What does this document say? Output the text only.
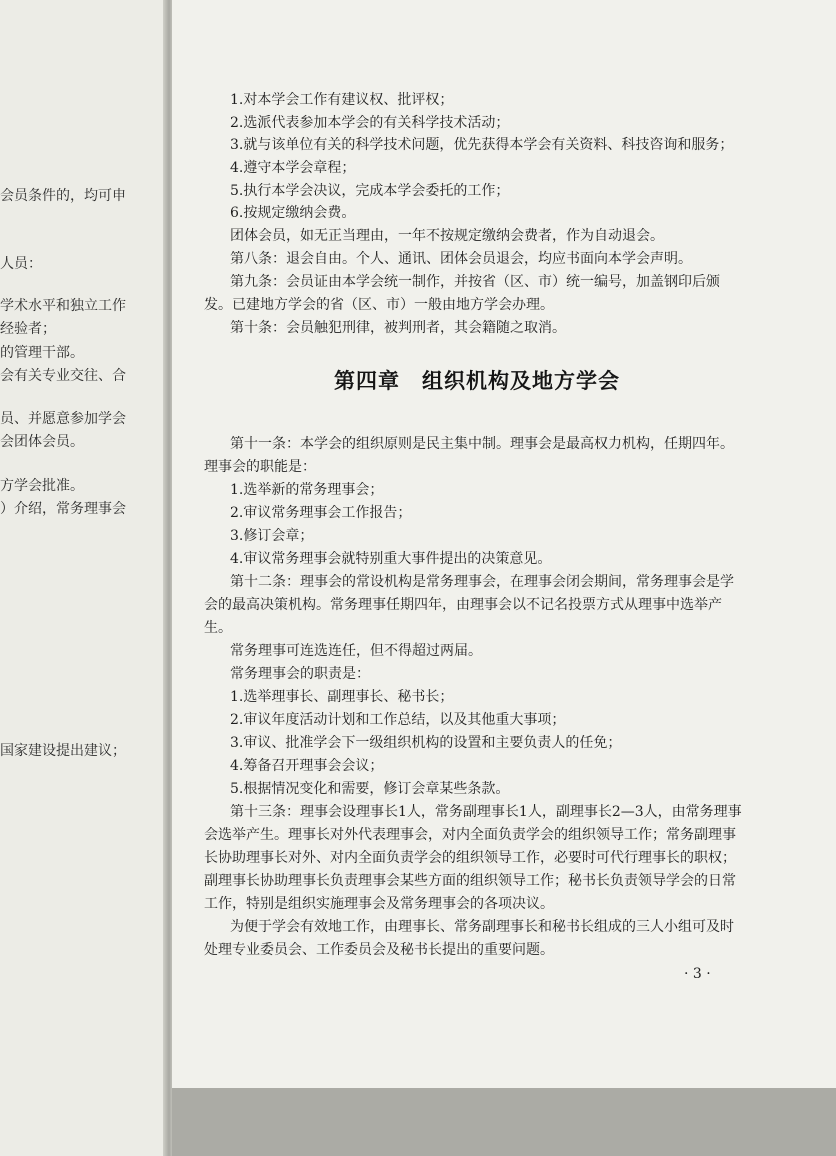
会员条件的，均可申
人员：
学术水平和独立工作
经验者；
的管理干部。
会有关专业交往、合
员、并愿意参加学会
会团体会员。
方学会批准。
）介绍，常务理事会
国家建设提出建议；
1.对本学会工作有建议权、批评权；
2.选派代表参加本学会的有关科学技术活动；
3.就与该单位有关的科学技术问题，优先获得本学会有关资料、科技咨询和服务；
4.遵守本学会章程；
5.执行本学会决议，完成本学会委托的工作；
6.按规定缴纳会费。
团体会员，如无正当理由，一年不按规定缴纳会费者，作为自动退会。
第八条：退会自由。个人、通讯、团体会员退会，均应书面向本学会声明。
第九条：会员证由本学会统一制作，并按省（区、市）统一编号，加盖钢印后颁
发。已建地方学会的省（区、市）一般由地方学会办理。
第十条：会员触犯刑律，被判刑者，其会籍随之取消。
第四章　组织机构及地方学会
第十一条：本学会的组织原则是民主集中制。理事会是最高权力机构，任期四年。
理事会的职能是：
1.选举新的常务理事会；
2.审议常务理事会工作报告；
3.修订会章；
4.审议常务理事会就特别重大事件提出的决策意见。
第十二条：理事会的常设机构是常务理事会，在理事会闭会期间，常务理事会是学
会的最高决策机构。常务理事任期四年，由理事会以不记名投票方式从理事中选举产
生。
常务理事可连选连任，但不得超过两届。
常务理事会的职责是：
1.选举理事长、副理事长、秘书长；
2.审议年度活动计划和工作总结，以及其他重大事项；
3.审议、批准学会下一级组织机构的设置和主要负责人的任免；
4.筹备召开理事会会议；
5.根据情况变化和需要，修订会章某些条款。
第十三条：理事会设理事长1人，常务副理事长1人，副理事长2—3人，由常务理事
会选举产生。理事长对外代表理事会，对内全面负责学会的组织领导工作；常务副理事
长协助理事长对外、对内全面负责学会的组织领导工作，必要时可代行理事长的职权；
副理事长协助理事长负责理事会某些方面的组织领导工作；秘书长负责领导学会的日常
工作，特别是组织实施理事会及常务理事会的各项决议。
为便于学会有效地工作，由理事长、常务副理事长和秘书长组成的三人小组可及时
处理专业委员会、工作委员会及秘书长提出的重要问题。
· 3 ·
